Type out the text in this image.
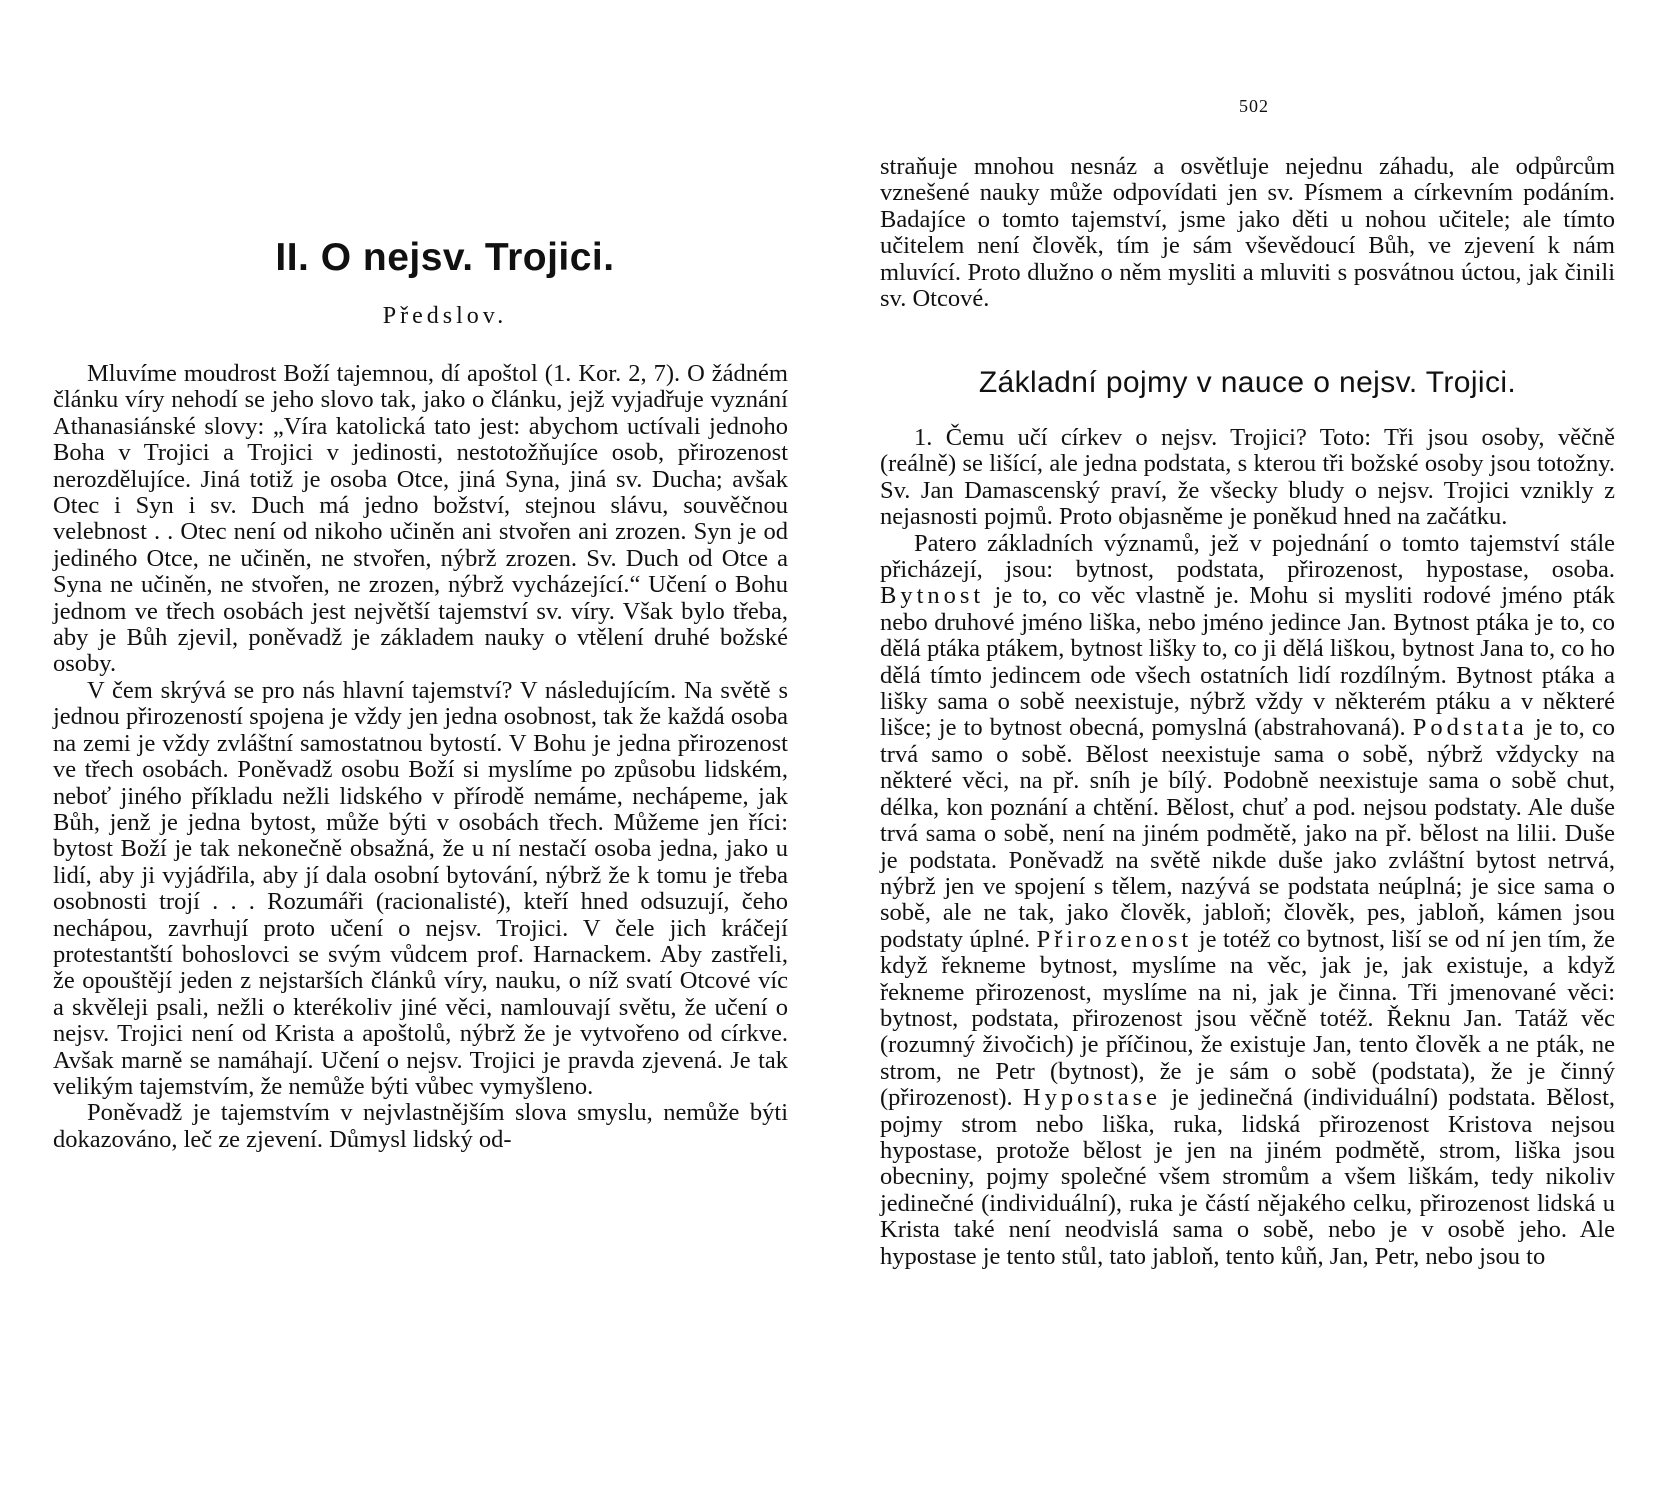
II. O nejsv. Trojici.
Předslov.

Mluvíme moudrost Boží tajemnou, dí apoštol (1. Kor. 2, 7). O žádném článku víry nehodí se jeho slovo tak, jako o článku, jejž vyjadřuje vyznání Athanasiánské slovy: „Víra katolická tato jest: abychom uctívali jednoho Boha v Trojici a Trojici v jedinosti, nestotožňujíce osob, přirozenost nerozdělujíce. Jiná totiž je osoba Otce, jiná Syna, jiná sv. Ducha; avšak Otec i Syn i sv. Duch má jedno božství, stejnou slávu, souvěčnou velebnost . . Otec není od nikoho učiněn ani stvořen ani zrozen. Syn je od jediného Otce, ne učiněn, ne stvořen, nýbrž zrozen. Sv. Duch od Otce a Syna ne učiněn, ne stvořen, ne zrozen, nýbrž vycházející.“ Učení o Bohu jednom ve třech osobách jest největší tajemství sv. víry. Však bylo třeba, aby je Bůh zjevil, poněvadž je základem nauky o vtělení druhé božské osoby.

V čem skrývá se pro nás hlavní tajemství? V následujícím. Na světě s jednou přirozeností spojena je vždy jen jedna osobnost, tak že každá osoba na zemi je vždy zvláštní samostatnou bytostí. V Bohu je jedna přirozenost ve třech osobách. Poněvadž osobu Boží si myslíme po způsobu lidském, neboť jiného příkladu nežli lidského v přírodě nemáme, nechápeme, jak Bůh, jenž je jedna bytost, může býti v osobách třech. Můžeme jen říci: bytost Boží je tak nekonečně obsažná, že u ní nestačí osoba jedna, jako u lidí, aby ji vyjádřila, aby jí dala osobní bytování, nýbrž že k tomu je třeba osobnosti trojí . . . Rozumáři (racionalisté), kteří hned odsuzují, čeho nechápou, zavrhují proto učení o nejsv. Trojici. V čele jich kráčejí protestantští bohoslovci se svým vůdcem prof. Harnackem. Aby zastřeli, že opouštějí jeden z nejstarších článků víry, nauku, o níž svatí Otcové víc a skvěleji psali, nežli o kterékoliv jiné věci, namlouvají světu, že učení o nejsv. Trojici není od Krista a apoštolů, nýbrž že je vytvořeno od církve. Avšak marně se namáhají. Učení o nejsv. Trojici je pravda zjevená. Je tak velikým tajemstvím, že nemůže býti vůbec vymyšleno.

Poněvadž je tajemstvím v nejvlastnějším slova smyslu, nemůže býti dokazováno, leč ze zjevení. Důmysl lidský od-

502

straňuje mnohou nesnáz a osvětluje nejednu záhadu, ale odpůrcům vznešené nauky může odpovídati jen sv. Písmem a církevním podáním. Badajíce o tomto tajemství, jsme jako děti u nohou učitele; ale tímto učitelem není člověk, tím je sám vševědoucí Bůh, ve zjevení k nám mluvící. Proto dlužno o něm mysliti a mluviti s posvátnou úctou, jak činili sv. Otcové.

Základní pojmy v nauce o nejsv. Trojici.

1. Čemu učí církev o nejsv. Trojici? Toto: Tři jsou osoby, věčně (reálně) se lišící, ale jedna podstata, s kterou tři božské osoby jsou totožny. Sv. Jan Damascenský praví, že všecky bludy o nejsv. Trojici vznikly z nejasnosti pojmů. Proto objasněme je poněkud hned na začátku.

Patero základních významů, jež v pojednání o tomto tajemství stále přicházejí, jsou: bytnost, podstata, přirozenost, hypostase, osoba. Bytnost je to, co věc vlastně je. Mohu si mysliti rodové jméno pták nebo druhové jméno liška, nebo jméno jedince Jan. Bytnost ptáka je to, co dělá ptáka ptákem, bytnost lišky to, co ji dělá liškou, bytnost Jana to, co ho dělá tímto jedincem ode všech ostatních lidí rozdílným. Bytnost ptáka a lišky sama o sobě neexistuje, nýbrž vždy v některém ptáku a v některé lišce; je to bytnost obecná, pomyslná (abstrahovaná). Podstata je to, co trvá samo o sobě. Bělost neexistuje sama o sobě, nýbrž vždycky na některé věci, na př. sníh je bílý. Podobně neexistuje sama o sobě chut, délka, kon poznání a chtění. Bělost, chuť a pod. nejsou podstaty. Ale duše trvá sama o sobě, není na jiném podmětě, jako na př. bělost na lilii. Duše je podstata. Poněvadž na světě nikde duše jako zvláštní bytost netrvá, nýbrž jen ve spojení s tělem, nazývá se podstata neúplná; je sice sama o sobě, ale ne tak, jako člověk, jabloň; člověk, pes, jabloň, kámen jsou podstaty úplné. Přirozenost je totéž co bytnost, liší se od ní jen tím, že když řekneme bytnost, myslíme na věc, jak je, jak existuje, a když řekneme přirozenost, myslíme na ni, jak je činna. Tři jmenované věci: bytnost, podstata, přirozenost jsou věčně totéž. Řeknu Jan. Tatáž věc (rozumný živočich) je příčinou, že existuje Jan, tento člověk a ne pták, ne strom, ne Petr (bytnost), že je sám o sobě (podstata), že je činný (přirozenost). Hypostase je jedinečná (individuální) podstata. Bělost, pojmy strom nebo liška, ruka, lidská přirozenost Kristova nejsou hypostase, protože bělost je jen na jiném podmětě, strom, liška jsou obecniny, pojmy společné všem stromům a všem liškám, tedy nikoliv jedinečné (individuální), ruka je částí nějakého celku, přirozenost lidská u Krista také není neodvislá sama o sobě, nebo je v osobě jeho. Ale hypostase je tento stůl, tato jabloň, tento kůň, Jan, Petr, nebo jsou to
